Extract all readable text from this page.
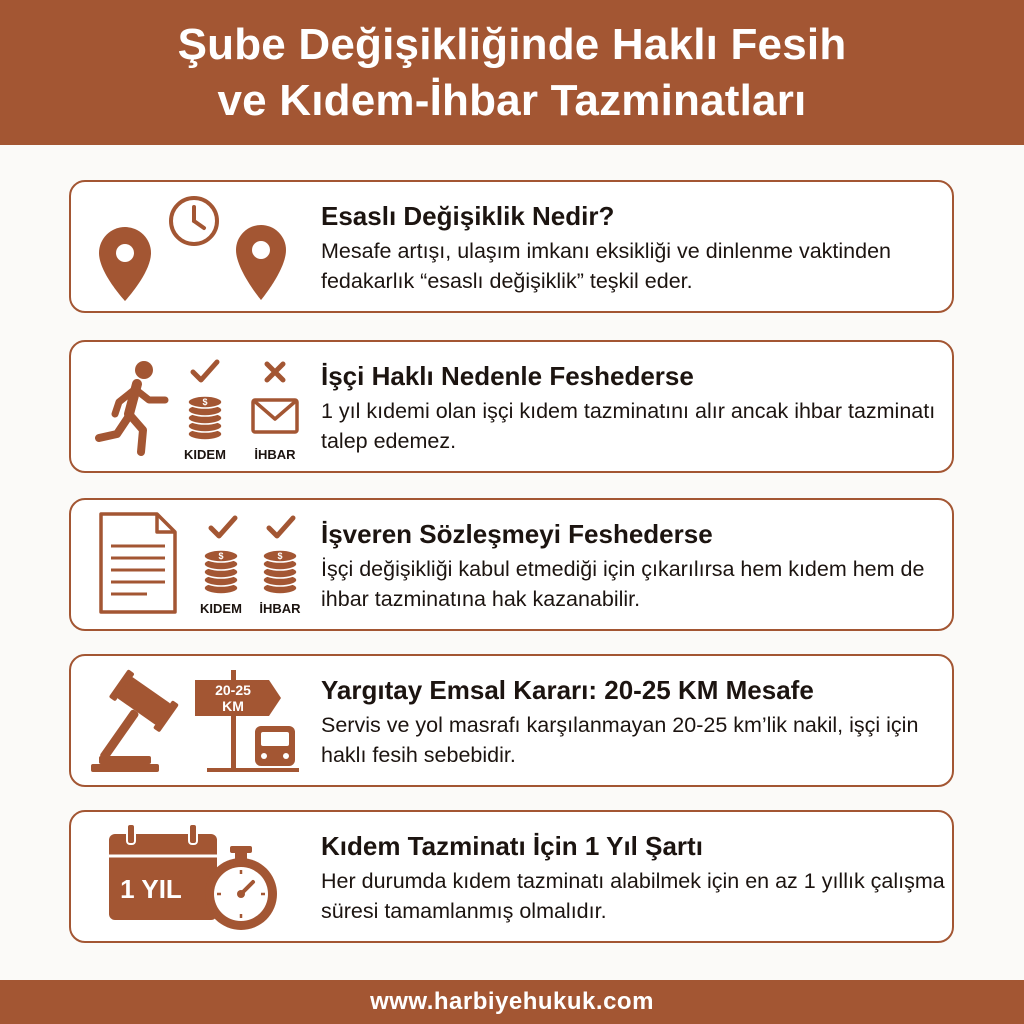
Şube Değişikliğinde Haklı Fesih
ve Kıdem-İhbar Tazminatları
Esaslı Değişiklik Nedir?
Mesafe artışı, ulaşım imkanı eksikliği ve dinlenme vaktinden fedakarlık “esaslı değişiklik” teşkil eder.
$
KIDEM İHBAR
İşçi Haklı Nedenle Feshederse
1 yıl kıdemi olan işçi kıdem tazminatını alır ancak ihbar tazminatı talep edemez.
$
KIDEM
$
İHBAR
İşveren Sözleşmeyi Feshederse
İşçi değişikliği kabul etmediği için çıkarılırsa hem kıdem hem de ihbar tazminatına hak kazanabilir.
20-25
KM
Yargıtay Emsal Kararı: 20-25 KM Mesafe
Servis ve yol masrafı karşılanmayan 20-25 km’lik nakil, işçi için haklı fesih sebebidir.
1 YIL
Kıdem Tazminatı İçin 1 Yıl Şartı
Her durumda kıdem tazminatı alabilmek için en az 1 yıllık çalışma süresi tamamlanmış olmalıdır.
www.harbiyehukuk.com
